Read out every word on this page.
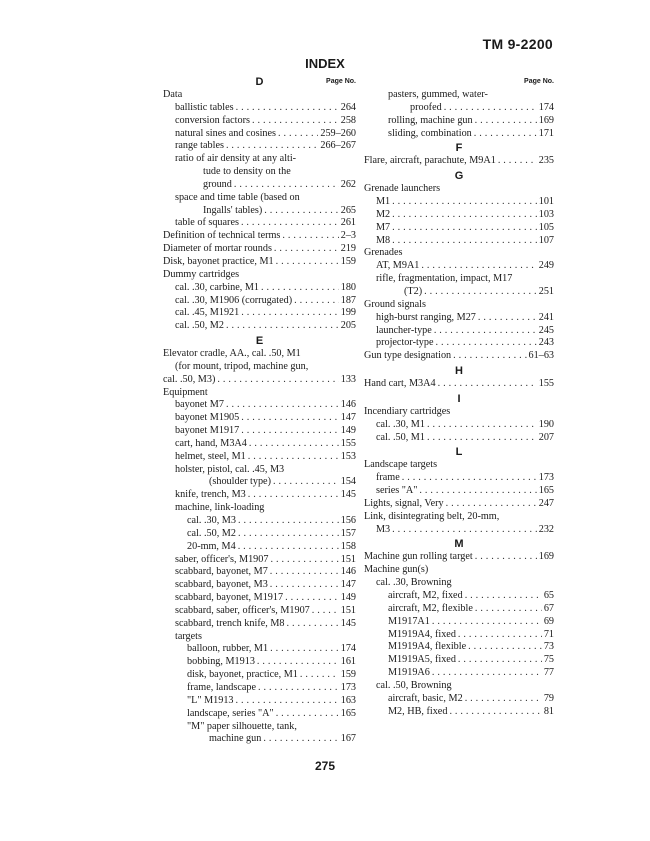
TM 9-2200
INDEX
Page No.
D
Data
ballistic tables . . .	264
conversion factors . . .	258
natural sines and cosines . . .	259–260
range tables . . .	266–267
ratio of air density at any alti-
tude to density on the
ground . . .	262
space and time table (based on
Ingalls' tables) . . .	265
table of squares . . .	261
Definition of technical terms . . .	2–3
Diameter of mortar rounds . . .	219
Disk, bayonet practice, M1 . . .	159
Dummy cartridges
cal. .30, carbine, M1 . . .	180
cal. .30, M1906 (corrugated) . . .	187
cal. .45, M1921 . . .	199
cal. .50, M2 . . .	205
E
Elevator cradle, AA., cal. .50, M1
(for mount, tripod, machine gun,
cal. .50, M3) . . .	133
Equipment
bayonet M7 . . .	146
bayonet M1905 . . .	147
bayonet M1917 . . .	149
cart, hand, M3A4 . . .	155
helmet, steel, M1 . . .	153
holster, pistol, cal. .45, M3
(shoulder type) . . .	154
knife, trench, M3 . . .	145
machine, link-loading
cal. .30, M3 . . .	156
cal. .50, M2 . . .	157
20-mm, M4 . . .	158
saber, officer's, M1907 . . .	151
scabbard, bayonet, M7 . . .	146
scabbard, bayonet, M3 . . .	147
scabbard, bayonet, M1917 . . .	149
scabbard, saber, officer's, M1907 . . .	151
scabbard, trench knife, M8 . . .	145
targets
balloon, rubber, M1 . . .	174
bobbing, M1913 . . .	161
disk, bayonet, practice, M1 . . .	159
frame, landscape . . .	173
"L" M1913 . . .	163
landscape, series "A" . . .	165
"M" paper silhouette, tank,
machine gun . . .	167
Page No.
pasters, gummed, water-
proofed . . .	174
rolling, machine gun . . .	169
sliding, combination . . .	171
F
Flare, aircraft, parachute, M9A1 . . .	235
G
Grenade launchers
M1 . . .	101
M2 . . .	103
M7 . . .	105
M8 . . .	107
Grenades
AT, M9A1 . . .	249
rifle, fragmentation, impact, M17
(T2) . . .	251
Ground signals
high-burst ranging, M27 . . .	241
launcher-type . . .	245
projector-type . . .	243
Gun type designation . . .	61–63
H
Hand cart, M3A4 . . .	155
I
Incendiary cartridges
cal. .30, M1 . . .	190
cal. .50, M1 . . .	207
L
Landscape targets
frame . . .	173
series "A" . . .	165
Lights, signal, Very . . .	247
Link, disintegrating belt, 20-mm,
M3 . . .	232
M
Machine gun rolling target . . .	169
Machine gun(s)
cal. .30, Browning
aircraft, M2, fixed . . .	65
aircraft, M2, flexible . . .	67
M1917A1 . . .	69
M1919A4, fixed . . .	71
M1919A4, flexible . . .	73
M1919A5, fixed . . .	75
M1919A6 . . .	77
cal. .50, Browning
aircraft, basic, M2 . . .	79
M2, HB, fixed . . .	81
275
